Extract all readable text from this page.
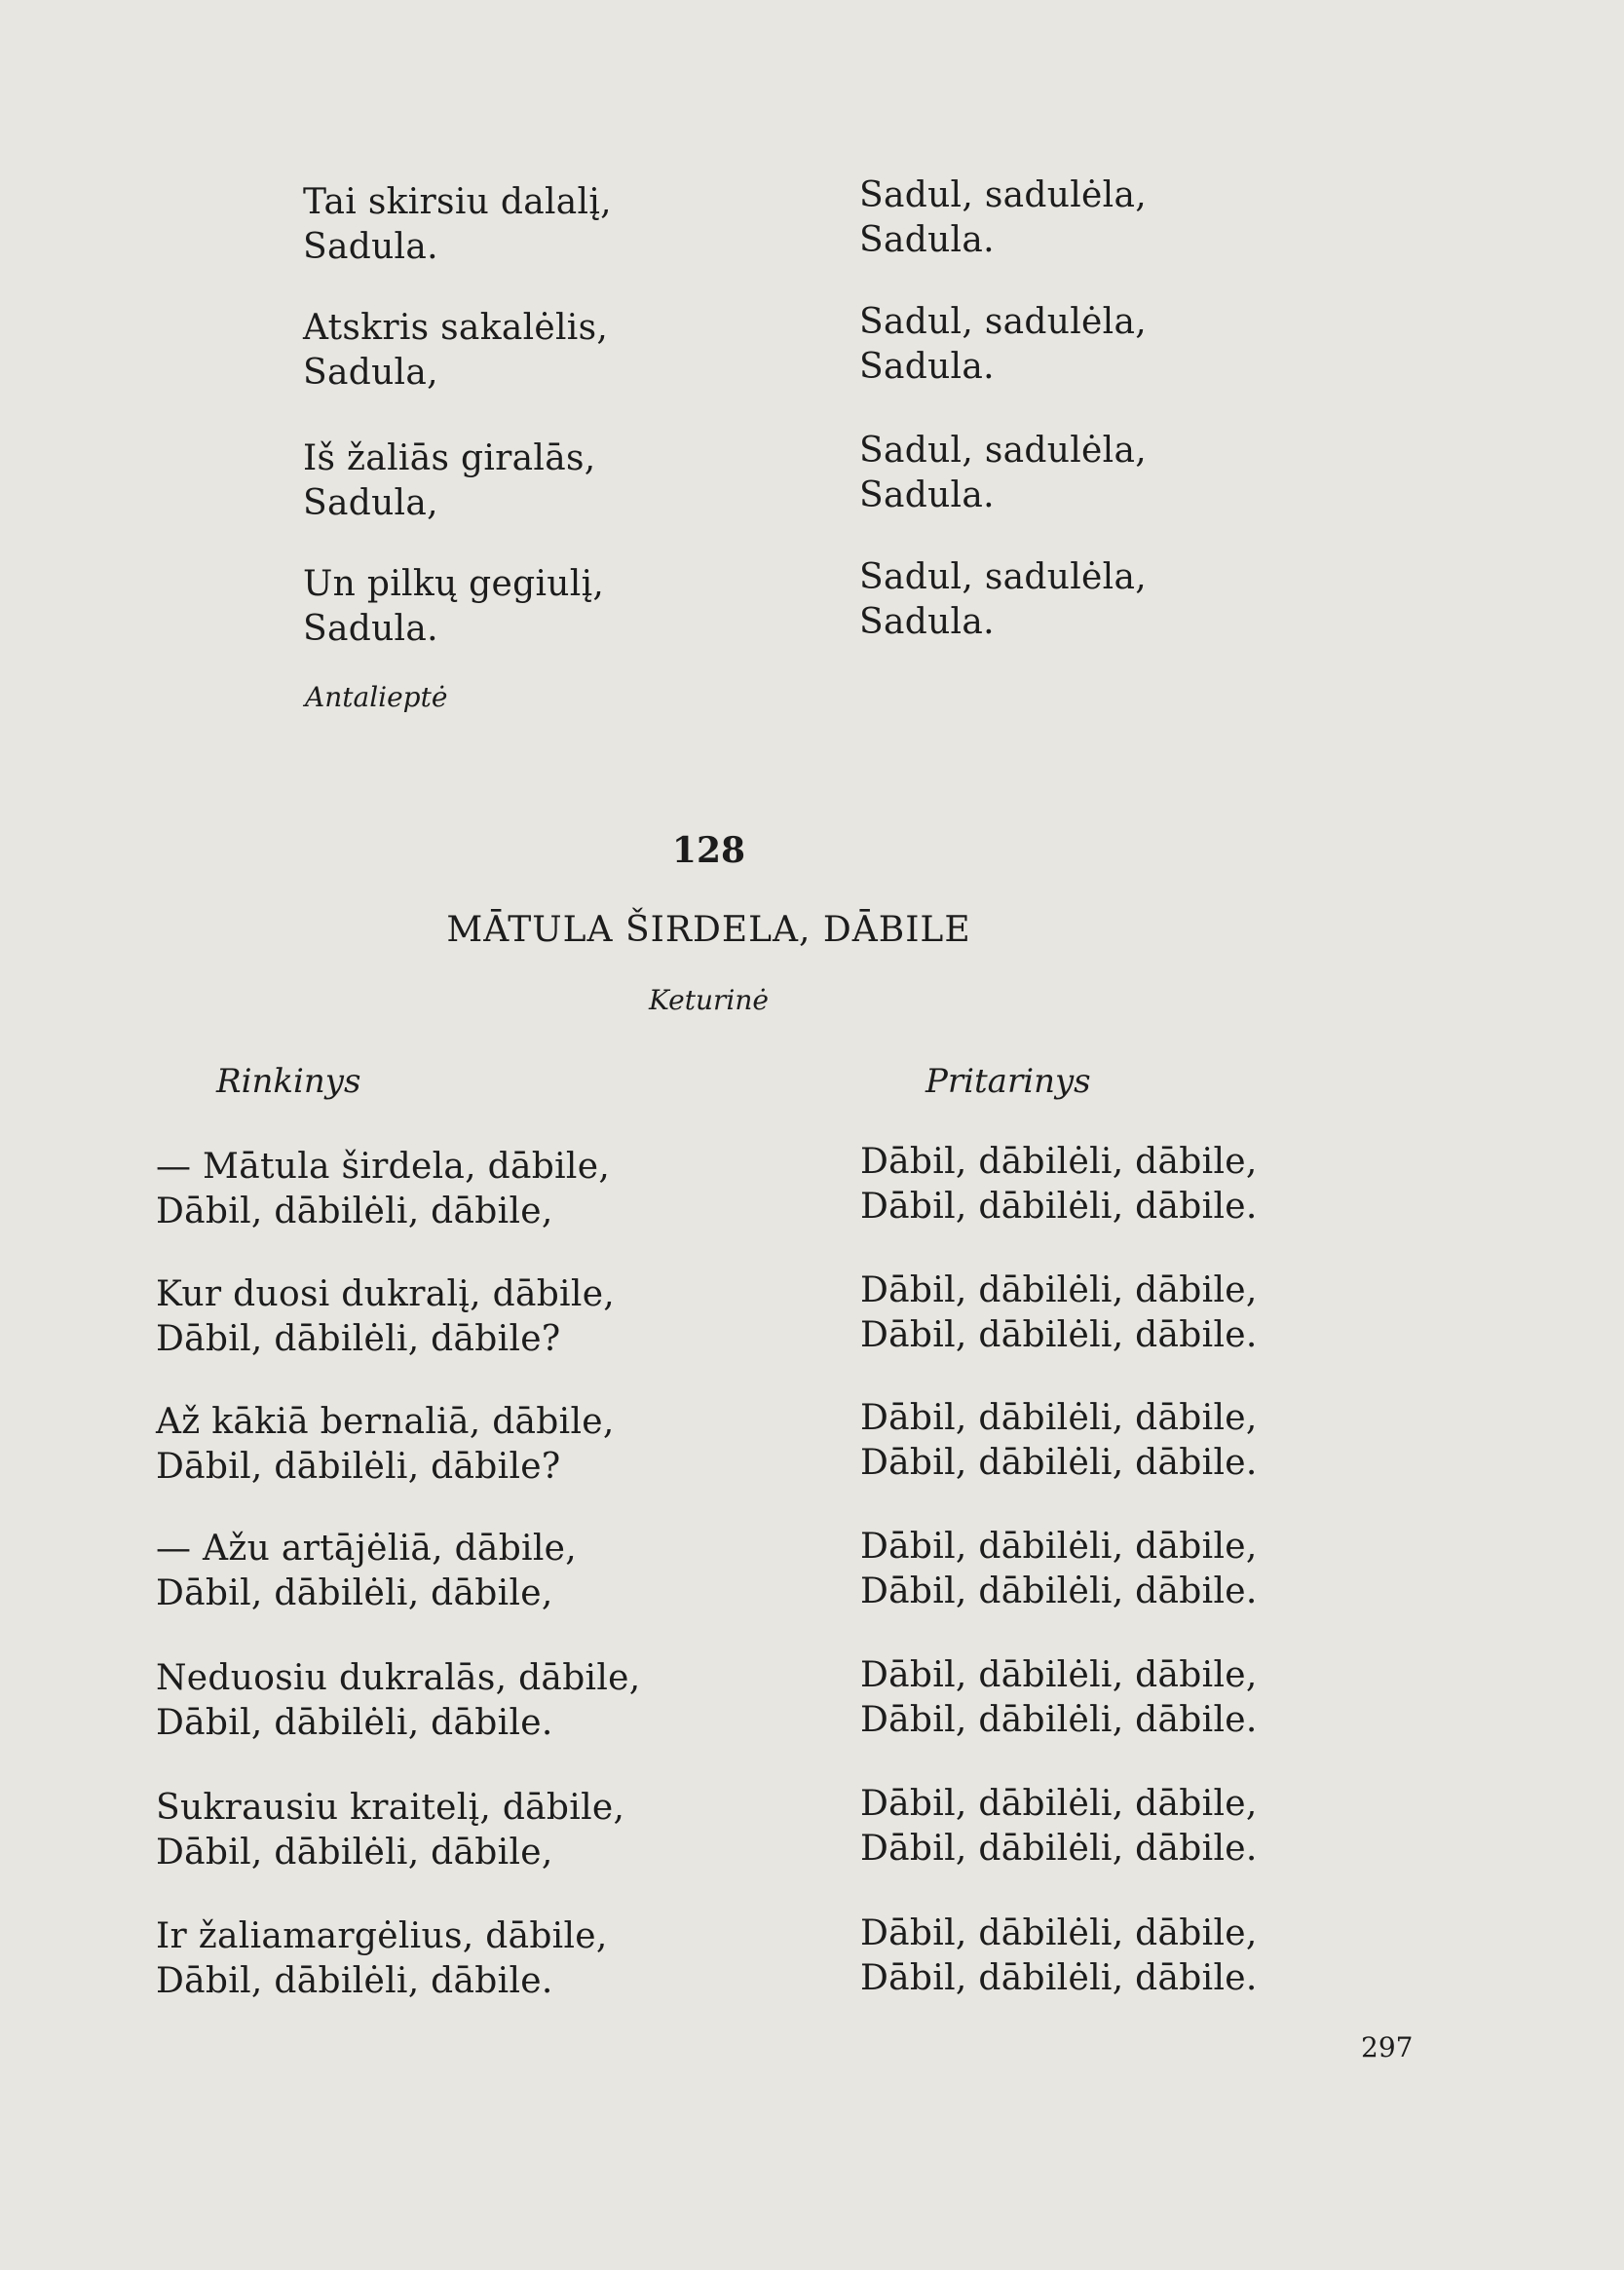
Tai skirsiu dalalį,
Sadula.
Atskris sakalėlis,
Sadula,
Iš žaliās giralās,
Sadula,
Un pilkų gegiulį,
Sadula.
Sadul, sadulėla,
Sadula.
Sadul, sadulėla,
Sadula.
Sadul, sadulėla,
Sadula.
Sadul, sadulėla,
Sadula.
Antalieptė
128
MĀTULA ŠIRDELA, DĀBILE
Keturinė
Rinkinys	Pritarinys
— Mātula širdela, dābile,
Dābil, dābilėli, dābile,
Kur duosi dukralį, dābile,
Dābil, dābilėli, dābile?
Až kākiā bernaliā, dābile,
Dābil, dābilėli, dābile?
— Ažu artājėliā, dābile,
Dābil, dābilėli, dābile,
Neduosiu dukralās, dābile,
Dābil, dābilėli, dābile.
Sukrausiu kraitelį, dābile,
Dābil, dābilėli, dābile,
Ir žaliamargėlius, dābile,
Dābil, dābilėli, dābile.
Dābil, dābilėli, dābile,
Dābil, dābilėli, dābile.
Dābil, dābilėli, dābile,
Dābil, dābilėli, dābile.
Dābil, dābilėli, dābile,
Dābil, dābilėli, dābile.
Dābil, dābilėli, dābile,
Dābil, dābilėli, dābile.
Dābil, dābilėli, dābile,
Dābil, dābilėli, dābile.
Dābil, dābilėli, dābile,
Dābil, dābilėli, dābile.
Dābil, dābilėli, dābile,
Dābil, dābilėli, dābile.
297
